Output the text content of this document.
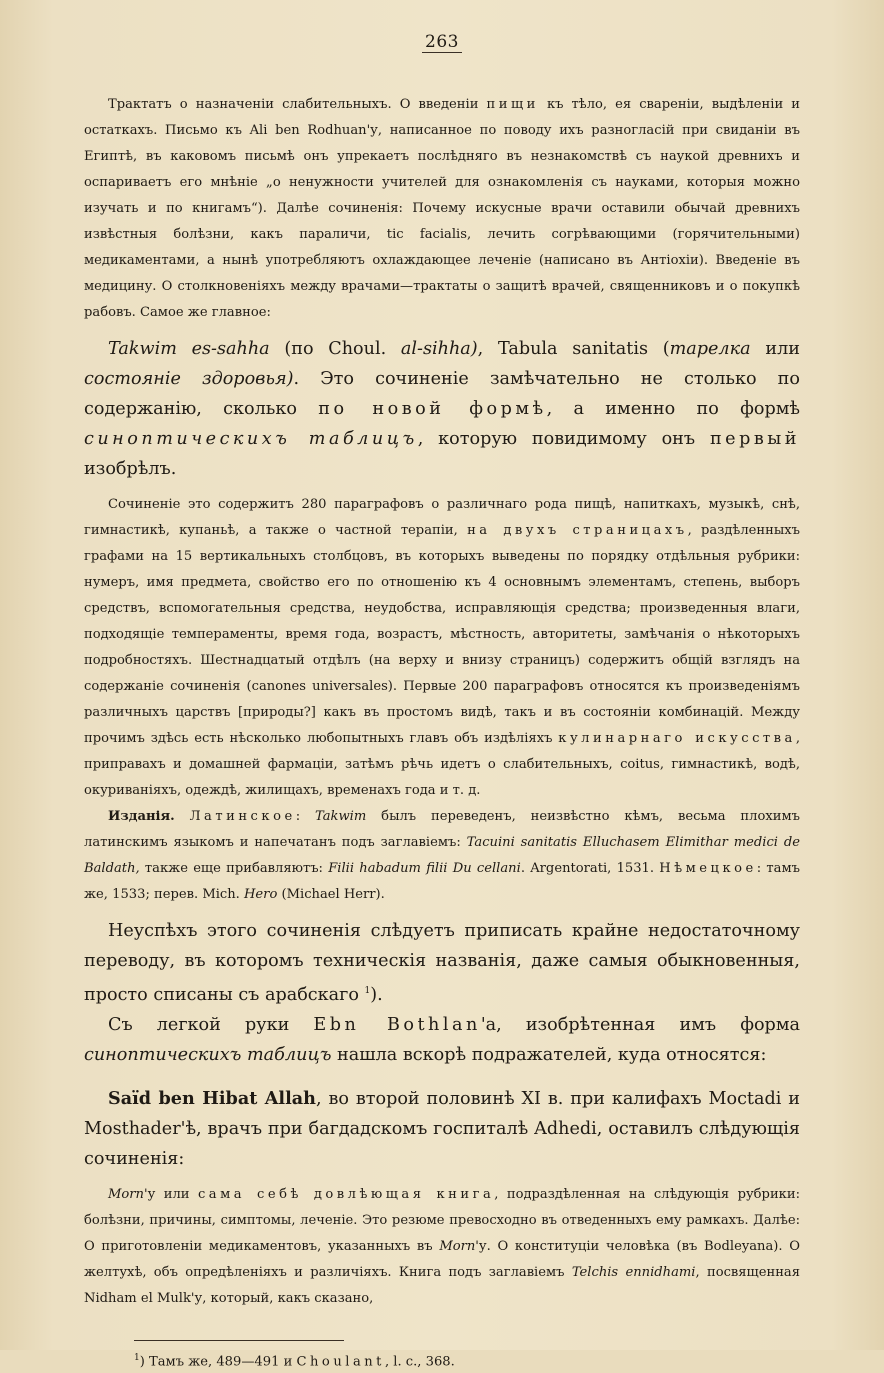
263

Трактатъ о назначеніи слабительныхъ. О введеніи пищи къ тѣло, ея свареніи, выдѣленіи и остаткахъ. Письмо къ Ali ben Rodhuan'у, написанное по поводу ихъ разногласій при свиданіи въ Египтѣ, въ каковомъ письмѣ онъ упрекаетъ послѣдняго въ незнакомствѣ съ наукой древнихъ и оспариваетъ его мнѣніе „о ненужности учителей для ознакомленія съ науками, которыя можно изучать и по книгамъ“). Далѣе сочиненія: Почему искусные врачи оставили обычай древнихъ извѣстныя болѣзни, какъ параличи, tic facialis, лечить согрѣвающими (горячительными) медикаментами, а нынѣ употребляютъ охлаждающее леченіе (написано въ Антіохіи). Введеніе въ медицину. О столкновеніяхъ между врачами—трактаты о защитѣ врачей, священниковъ и о покупкѣ рабовъ. Самое же главное:

Takwim es-sahha (по Choul. al-sihha), Tabula sanitatis (тарелка или состояніе здоровья). Это сочиненіе замѣчательно не столько по содержанію, сколько по новой формѣ, а именно по формѣ синоптическихъ таблицъ, которую повидимому онъ первый изобрѣлъ.

Сочиненіе это содержитъ 280 параграфовъ о различнаго рода пищѣ, напиткахъ, музыкѣ, снѣ, гимнастикѣ, купаньѣ, а также о частной терапіи, на двухъ страницахъ, раздѣленныхъ графами на 15 вертикальныхъ столбцовъ, въ которыхъ выведены по порядку отдѣльныя рубрики: нумеръ, имя предмета, свойство его по отношенію къ 4 основнымъ элементамъ, степень, выборъ средствъ, вспомогательныя средства, неудобства, исправляющія средства; произведенныя влаги, подходящіе темпераменты, время года, возрастъ, мѣстность, авторитеты, замѣчанія о нѣкоторыхъ подробностяхъ. Шестнадцатый отдѣлъ (на верху и внизу страницъ) содержитъ общій взглядъ на содержаніе сочиненія (canones universales). Первые 200 параграфовъ относятся къ произведеніямъ различныхъ царствъ [природы?] какъ въ простомъ видѣ, такъ и въ состояніи комбинацій. Между прочимъ здѣсь есть нѣсколько любопытныхъ главъ объ издѣліяхъ кулинарнаго искусства, приправахъ и домашней фармаціи, затѣмъ рѣчь идетъ о слабительныхъ, coitus, гимнастикѣ, водѣ, окуриваніяхъ, одеждѣ, жилищахъ, временахъ года и т. д.

Изданія. Латинское: Takwim былъ переведенъ, неизвѣстно кѣмъ, весьма плохимъ латинскимъ языкомъ и напечатанъ подъ заглавіемъ: Tacuini sanitatis Elluchasem Elimithar medici de Baldath, также еще прибавляютъ: Filii habadum filii Du cellani. Argentorati, 1531. Нѣмецкое: тамъ же, 1533; перев. Mich. Hero (Michael Herr).

Неуспѣхъ этого сочиненія слѣдуетъ приписать крайне недостаточному переводу, въ которомъ техническія названія, даже самыя обыкновенныя, просто списаны съ арабскаго $^1$).

Съ легкой руки Ebn Bothlan'a, изобрѣтенная имъ форма синоптическихъ таблицъ нашла вскорѣ подражателей, куда относятся:

Saïd ben Hibat Allah, во второй половинѣ XI в. при калифахъ Moctadi и Mosthader'ѣ, врачъ при багдадскомъ госпиталѣ Adhedi, оставилъ слѣдующія сочиненія:

Morn'у или сама себѣ довлѣющая книга, подраздѣленная на слѣдующія рубрики: болѣзни, причины, симптомы, леченіе. Это резюме превосходно въ отведенныхъ ему рамкахъ. Далѣе: О приготовленіи медикаментовъ, указанныхъ въ Morn'у. О конституціи человѣка (въ Bodleyana). О желтухѣ, объ опредѣленіяхъ и различіяхъ. Книга подъ заглавіемъ Telchis ennidhami, посвященная Nidham el Mulk'у, который, какъ сказано,

$^1$) Тамъ же, 489—491 и Choulant, l. c., 368.
